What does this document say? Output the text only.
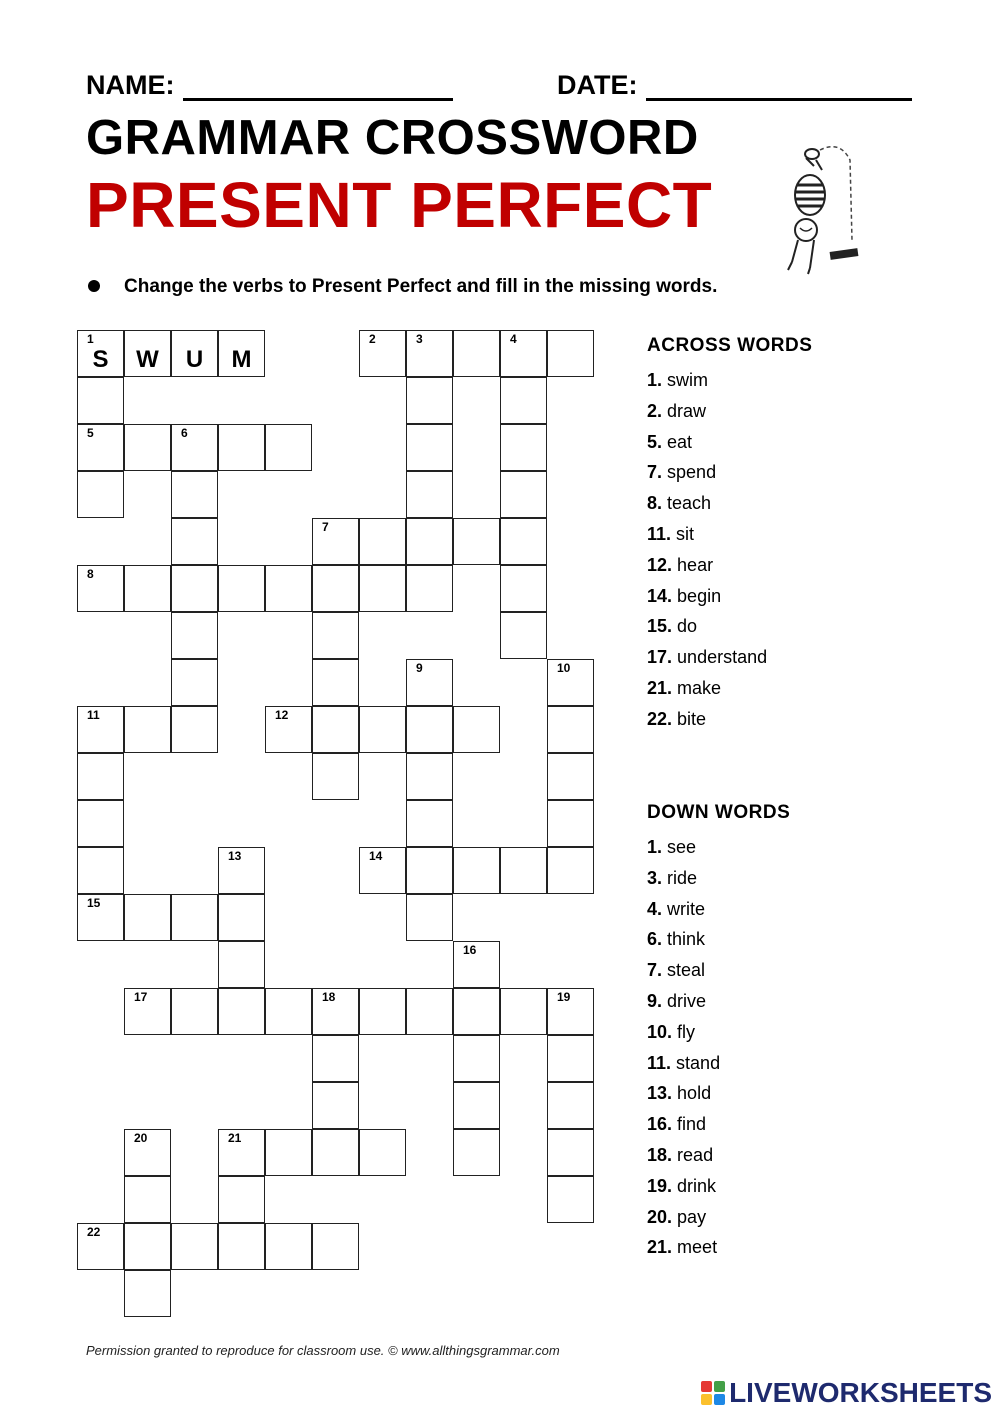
NAME:	DATE:
GRAMMAR CROSSWORD
PRESENT PERFECT
Change the verbs to Present Perfect and fill in the missing words.
1
S	W	U	M
2	3	4
5	6
7
8
9	10
11	12
13	14
15
16
17	18	19
20	21
22
ACROSS WORDS
1. swim
2. draw
5. eat
7. spend
8. teach
11. sit
12. hear
14. begin
15. do
17. understand
21. make
22. bite
DOWN WORDS
1. see
3. ride
4. write
6. think
7. steal
9. drive
10. fly
11. stand
13. hold
16. find
18. read
19. drink
20. pay
21. meet
Permission granted to reproduce for classroom use. © www.allthingsgrammar.com
LIVEWORKSHEETS
